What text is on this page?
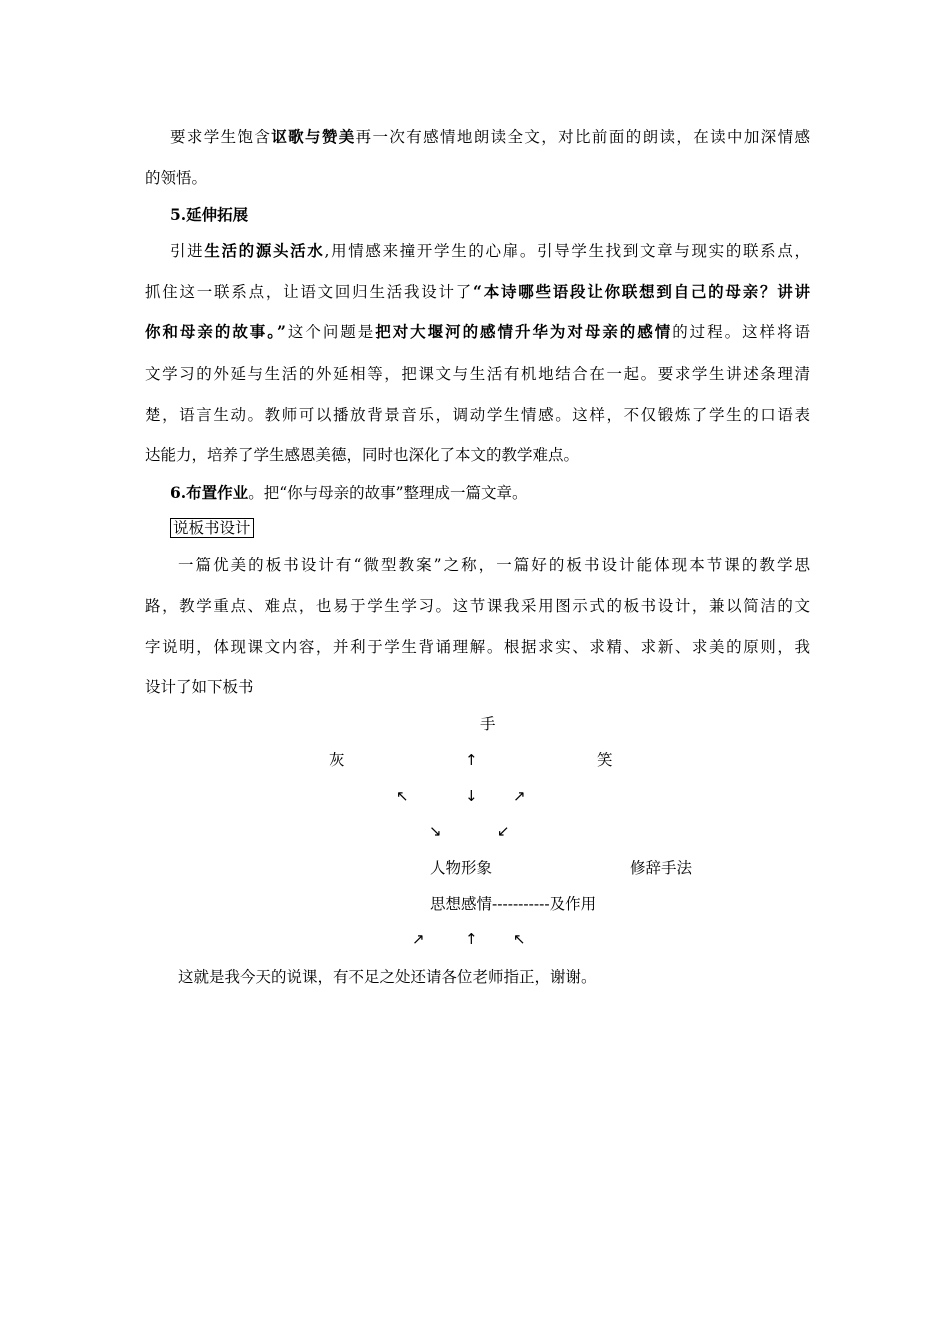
要求学生饱含讴歌与赞美再一次有感情地朗读全文，对比前面的朗读，在读中加深情感
的领悟。
5.延伸拓展
引进生活的源头活水,用情感来撞开学生的心扉。引导学生找到文章与现实的联系点，
抓住这一联系点，让语文回归生活我设计了“本诗哪些语段让你联想到自己的母亲？讲讲
你和母亲的故事。”这个问题是把对大堰河的感情升华为对母亲的感情的过程。这样将语
文学习的外延与生活的外延相等，把课文与生活有机地结合在一起。要求学生讲述条理清
楚，语言生动。教师可以播放背景音乐，调动学生情感。这样，不仅锻炼了学生的口语表
达能力，培养了学生感恩美德，同时也深化了本文的教学难点。
6.布置作业。把“你与母亲的故事”整理成一篇文章。
说板书设计
一篇优美的板书设计有“微型教案”之称，一篇好的板书设计能体现本节课的教学思
路，教学重点、难点，也易于学生学习。这节课我采用图示式的板书设计，兼以简洁的文
字说明，体现课文内容，并利于学生背诵理解。根据求实、求精、求新、求美的原则，我
设计了如下板书
手
灰	↑	笑
↖	↓ ↗
↘	↙
人物形象	修辞手法
思想感情-----------及作用
↗	↑ ↖
这就是我今天的说课，有不足之处还请各位老师指正，谢谢。
